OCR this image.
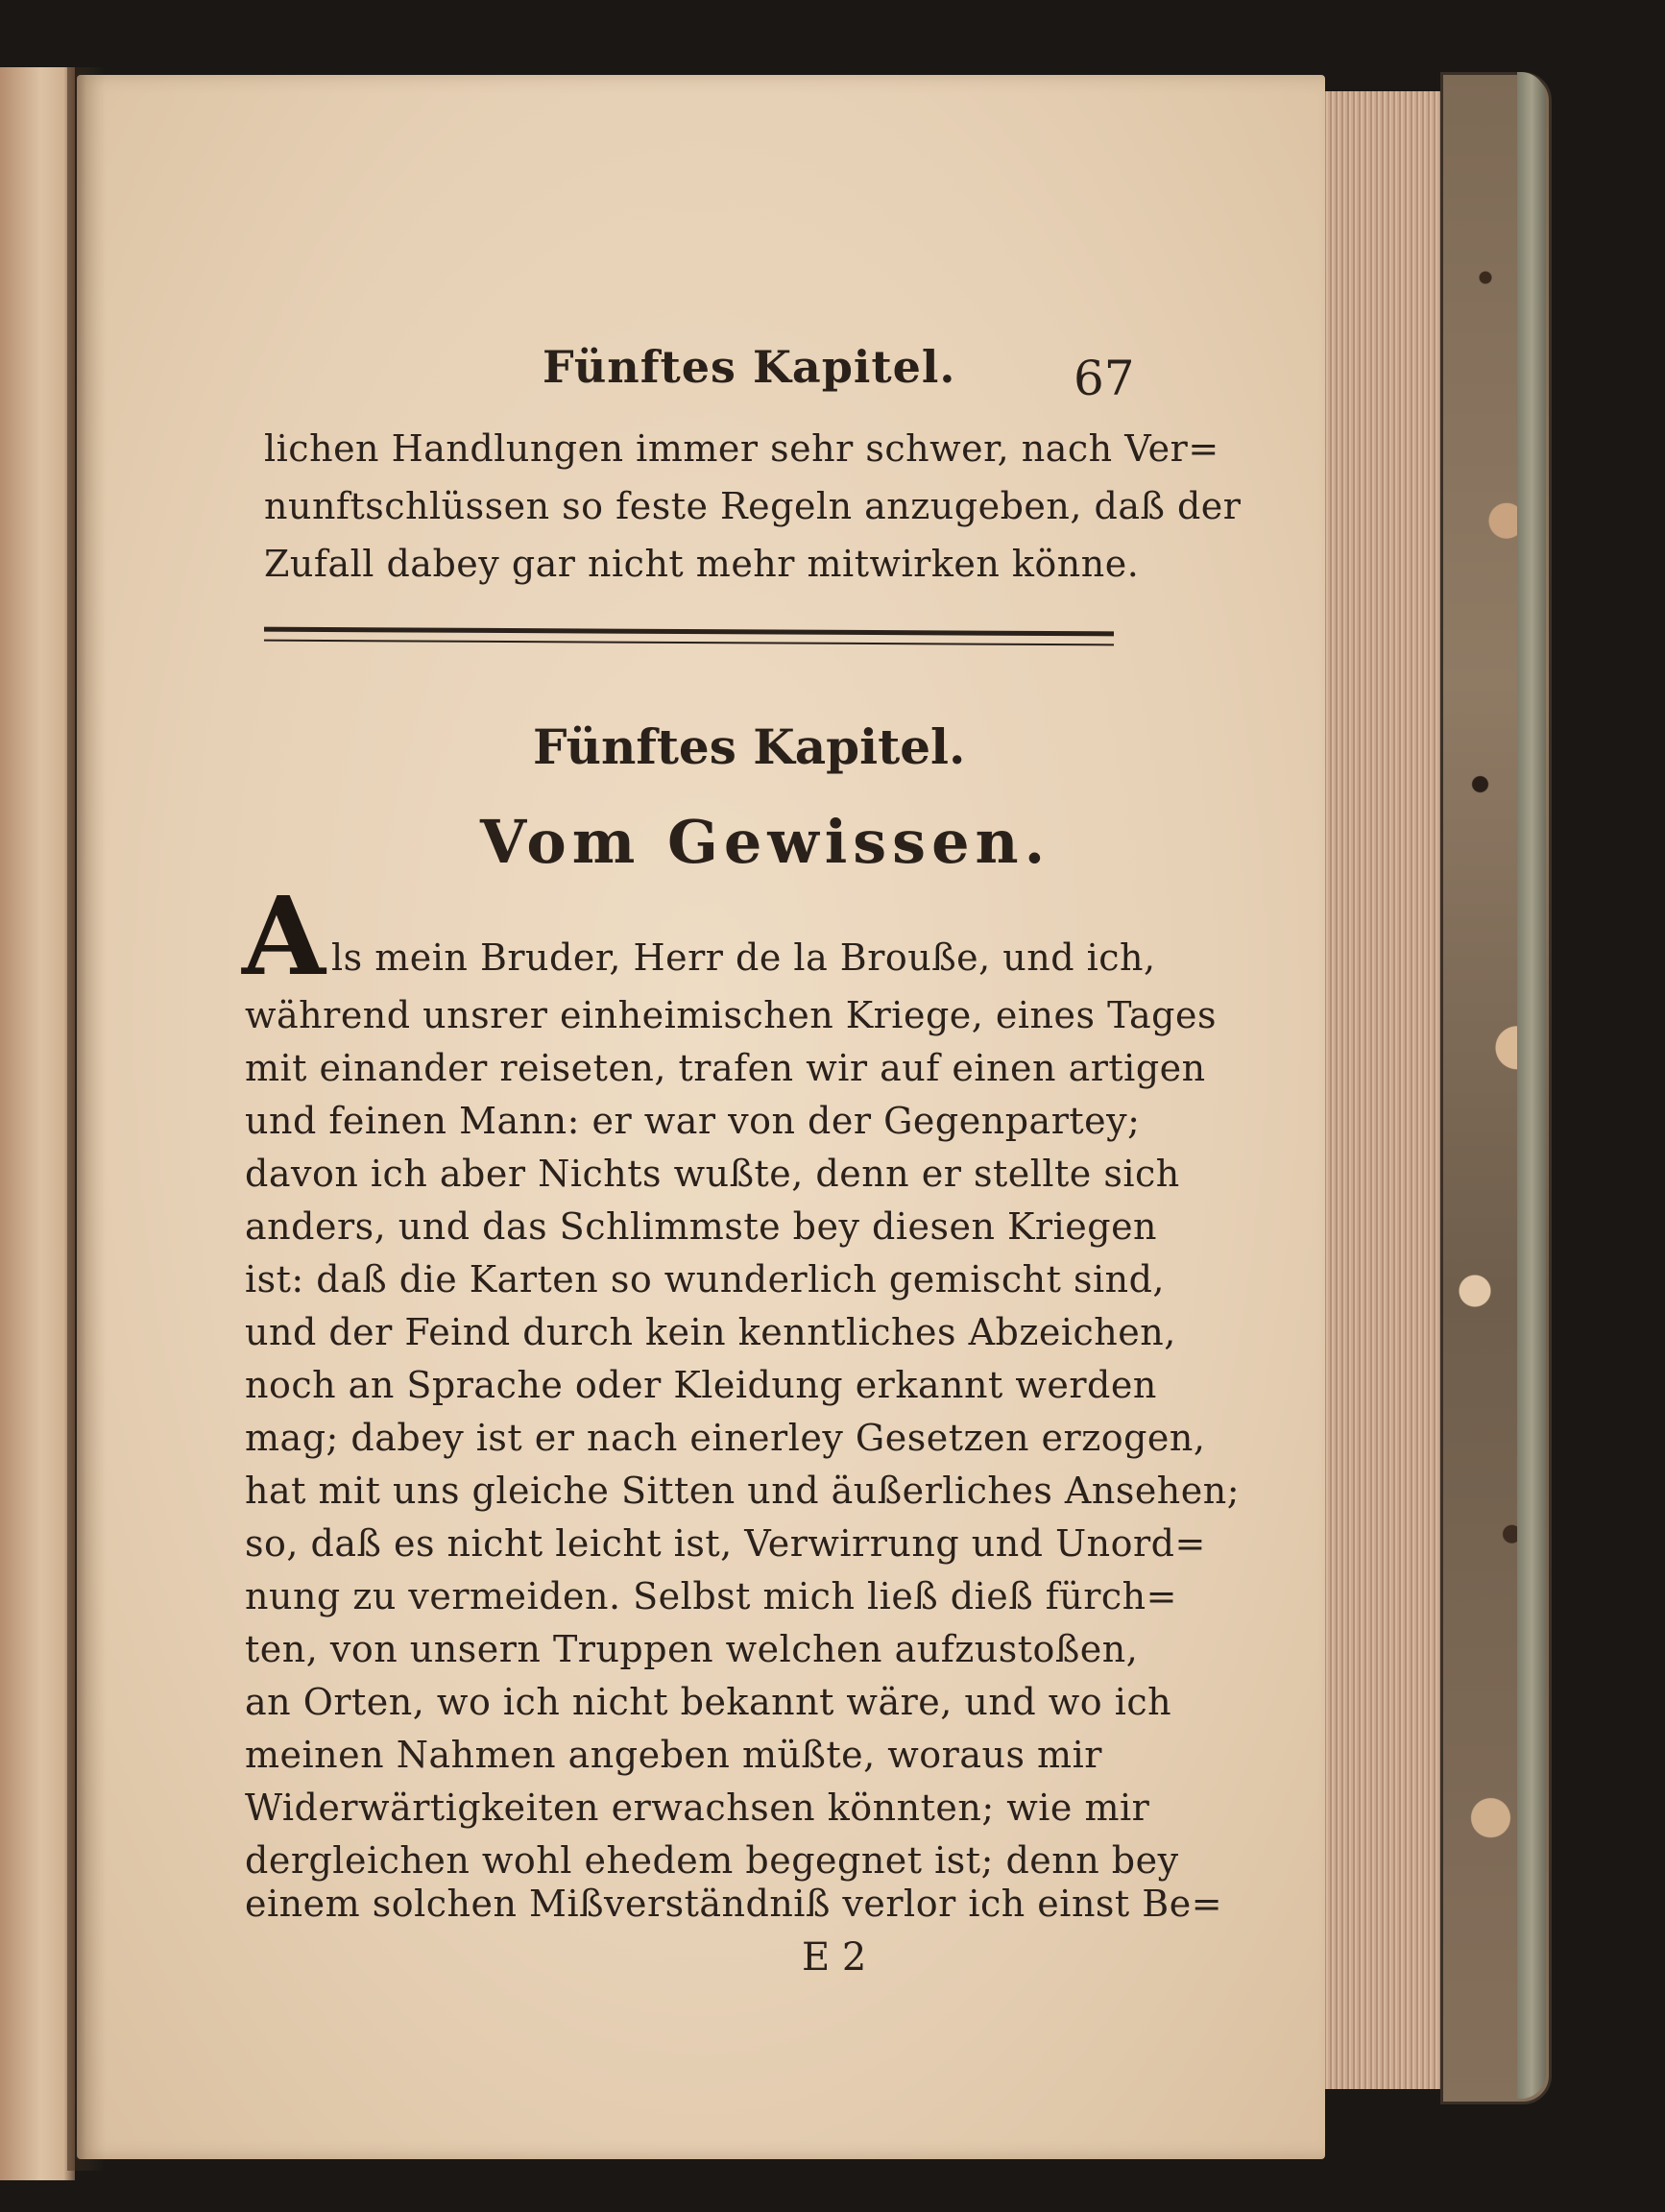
Fünftes Kapitel. 67
lichen Handlungen immer sehr schwer, nach Ver=
nunftschlüssen so feste Regeln anzugeben, daß der
Zufall dabey gar nicht mehr mitwirken könne.
Fünftes Kapitel.
Vom Gewissen.
A ls mein Bruder, Herr de la Broußе, und ich,
während unsrer einheimischen Kriege, eines Tages
mit einander reiseten, trafen wir auf einen artigen
und feinen Mann: er war von der Gegenpartey;
davon ich aber Nichts wußte, denn er stellte sich
anders, und das Schlimmste bey diesen Kriegen
ist: daß die Karten so wunderlich gemischt sind,
und der Feind durch kein kenntliches Abzeichen,
noch an Sprache oder Kleidung erkannt werden
mag; dabey ist er nach einerley Gesetzen erzogen,
hat mit uns gleiche Sitten und äußerliches Ansehen;
so, daß es nicht leicht ist, Verwirrung und Unord=
nung zu vermeiden. Selbst mich ließ dieß fürch=
ten, von unsern Truppen welchen aufzustoßen,
an Orten, wo ich nicht bekannt wäre, und wo ich
meinen Nahmen angeben müßte, woraus mir
Widerwärtigkeiten erwachsen könnten; wie mir
dergleichen wohl ehedem begegnet ist; denn bey
einem solchen Mißverständniß verlor ich einst Be=
E 2
